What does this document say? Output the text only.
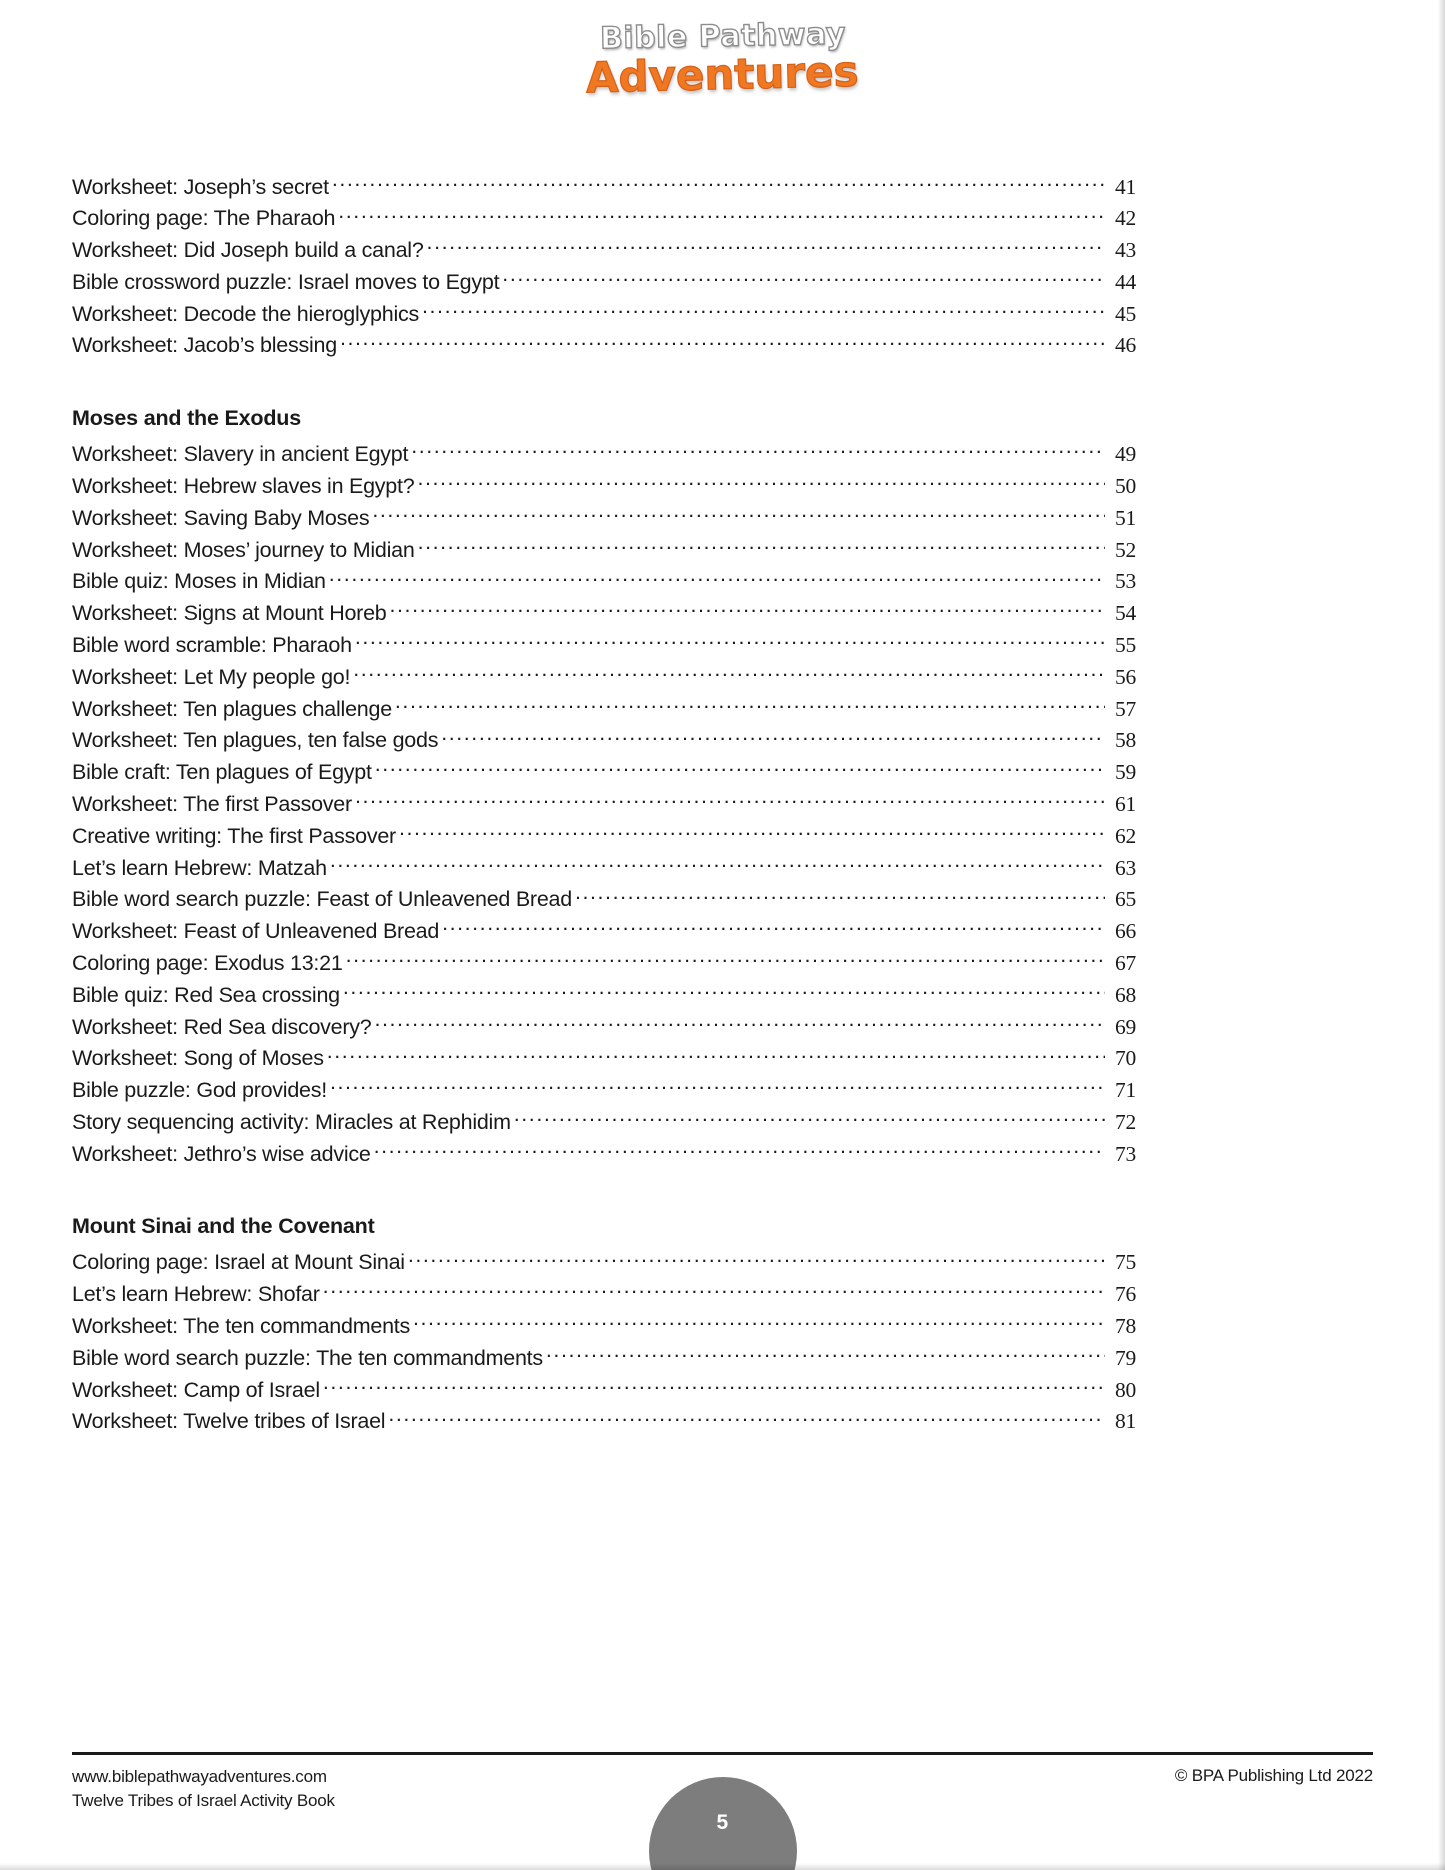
Bible Pathway
Adventures
Worksheet: Joseph’s secret .....	41
Coloring page: The Pharaoh .....	42
Worksheet: Did Joseph build a canal? .....	43
Bible crossword puzzle: Israel moves to Egypt .....	44
Worksheet: Decode the hieroglyphics .....	45
Worksheet: Jacob’s blessing .....	46
Moses and the Exodus
Worksheet: Slavery in ancient Egypt .....	49
Worksheet: Hebrew slaves in Egypt? .....	50
Worksheet: Saving Baby Moses .....	51
Worksheet: Moses’ journey to Midian .....	52
Bible quiz: Moses in Midian .....	53
Worksheet: Signs at Mount Horeb .....	54
Bible word scramble: Pharaoh .....	55
Worksheet: Let My people go! .....	56
Worksheet: Ten plagues challenge .....	57
Worksheet: Ten plagues, ten false gods .....	58
Bible craft: Ten plagues of Egypt .....	59
Worksheet: The first Passover .....	61
Creative writing: The first Passover .....	62
Let’s learn Hebrew: Matzah .....	63
Bible word search puzzle: Feast of Unleavened Bread .....	65
Worksheet: Feast of Unleavened Bread .....	66
Coloring page: Exodus 13:21 .....	67
Bible quiz: Red Sea crossing .....	68
Worksheet: Red Sea discovery? .....	69
Worksheet: Song of Moses .....	70
Bible puzzle: God provides! .....	71
Story sequencing activity: Miracles at Rephidim .....	72
Worksheet: Jethro’s wise advice .....	73
Mount Sinai and the Covenant
Coloring page: Israel at Mount Sinai .....	75
Let’s learn Hebrew: Shofar .....	76
Worksheet: The ten commandments .....	78
Bible word search puzzle: The ten commandments .....	79
Worksheet: Camp of Israel .....	80
Worksheet: Twelve tribes of Israel .....	81
www.biblepathwayadventures.com
Twelve Tribes of Israel Activity Book
© BPA Publishing Ltd 2022
5
